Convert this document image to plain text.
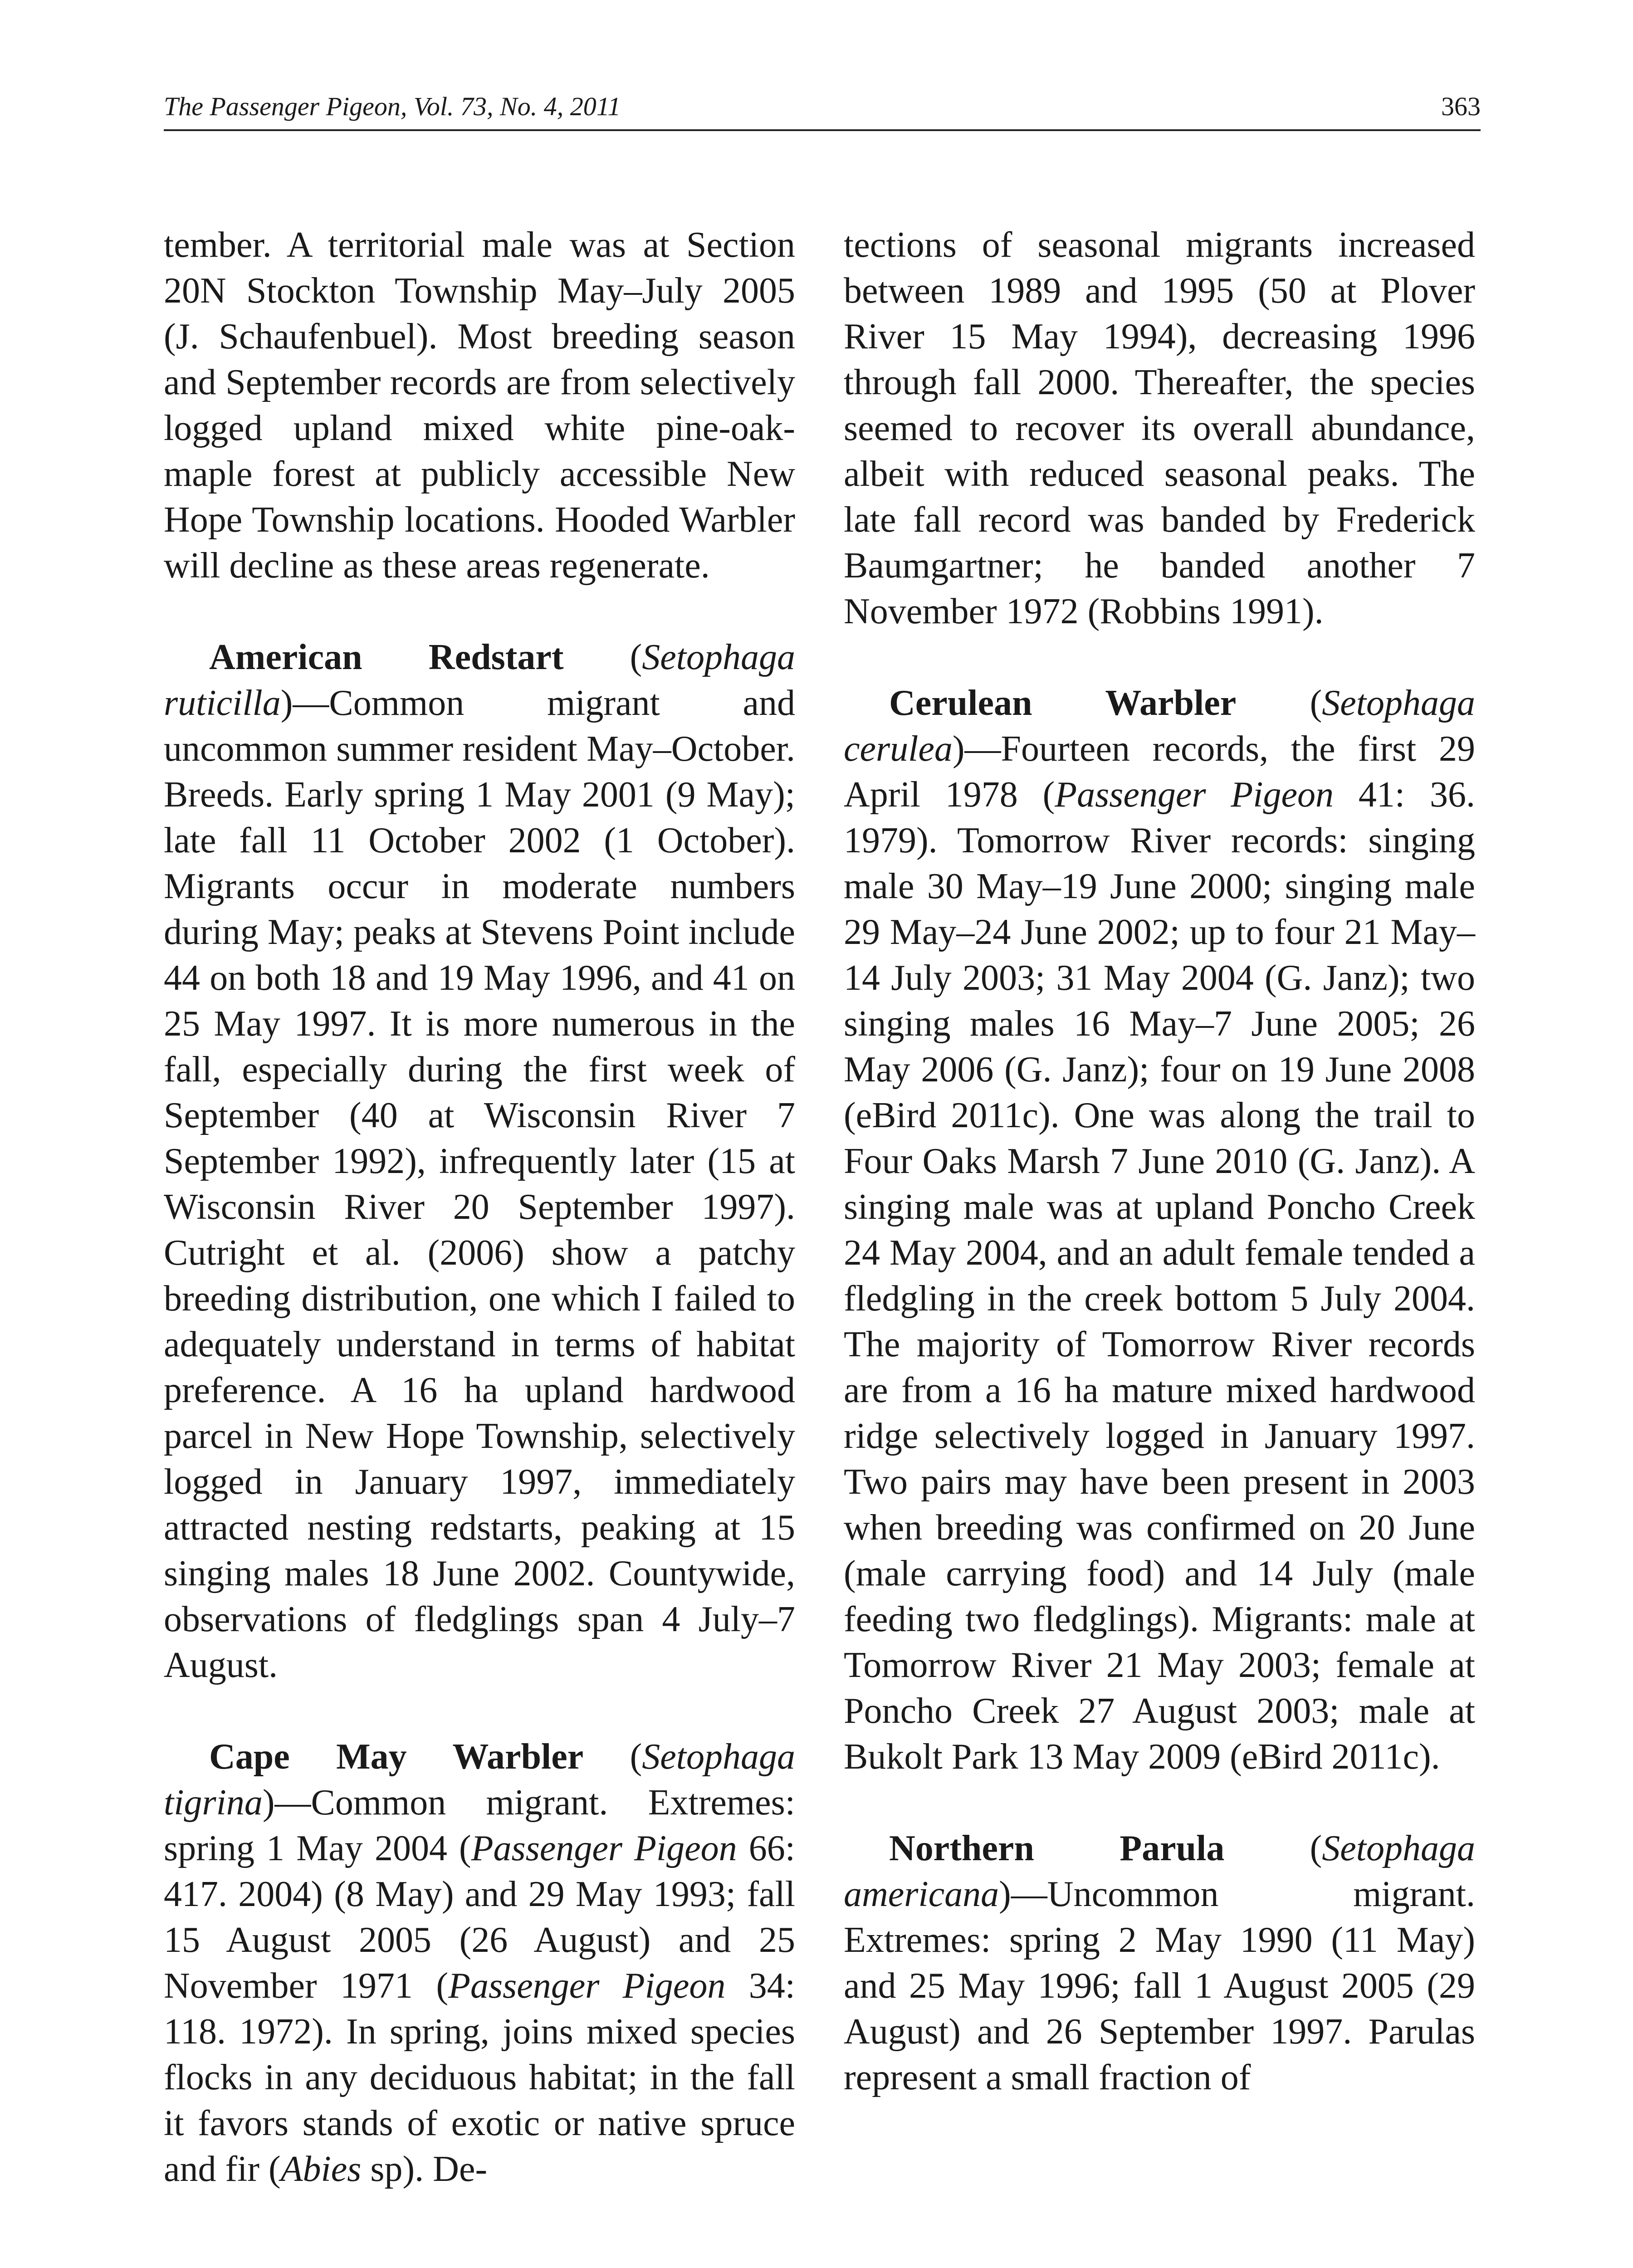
The Passenger Pigeon, Vol. 73, No. 4, 2011	363

tember. A territorial male was at Section 20N Stockton Township May–July 2005 (J. Schaufenbuel). Most breeding season and September records are from selectively logged upland mixed white pine-oak-maple forest at publicly accessible New Hope Township locations. Hooded Warbler will decline as these areas regenerate.

American Redstart (Setophaga ruticilla)—Common migrant and uncommon summer resident May–October. Breeds. Early spring 1 May 2001 (9 May); late fall 11 October 2002 (1 October). Migrants occur in moderate numbers during May; peaks at Stevens Point include 44 on both 18 and 19 May 1996, and 41 on 25 May 1997. It is more numerous in the fall, especially during the first week of September (40 at Wisconsin River 7 September 1992), infrequently later (15 at Wisconsin River 20 September 1997). Cutright et al. (2006) show a patchy breeding distribution, one which I failed to adequately understand in terms of habitat preference. A 16 ha upland hardwood parcel in New Hope Township, selectively logged in January 1997, immediately attracted nesting redstarts, peaking at 15 singing males 18 June 2002. Countywide, observations of fledglings span 4 July–7 August.

Cape May Warbler (Setophaga tigrina)—Common migrant. Extremes: spring 1 May 2004 (Passenger Pigeon 66: 417. 2004) (8 May) and 29 May 1993; fall 15 August 2005 (26 August) and 25 November 1971 (Passenger Pigeon 34: 118. 1972). In spring, joins mixed species flocks in any deciduous habitat; in the fall it favors stands of exotic or native spruce and fir (Abies sp). De-

tections of seasonal migrants increased between 1989 and 1995 (50 at Plover River 15 May 1994), decreasing 1996 through fall 2000. Thereafter, the species seemed to recover its overall abundance, albeit with reduced seasonal peaks. The late fall record was banded by Frederick Baumgartner; he banded another 7 November 1972 (Robbins 1991).

Cerulean Warbler (Setophaga cerulea)—Fourteen records, the first 29 April 1978 (Passenger Pigeon 41: 36. 1979). Tomorrow River records: singing male 30 May–19 June 2000; singing male 29 May–24 June 2002; up to four 21 May–14 July 2003; 31 May 2004 (G. Janz); two singing males 16 May–7 June 2005; 26 May 2006 (G. Janz); four on 19 June 2008 (eBird 2011c). One was along the trail to Four Oaks Marsh 7 June 2010 (G. Janz). A singing male was at upland Poncho Creek 24 May 2004, and an adult female tended a fledgling in the creek bottom 5 July 2004. The majority of Tomorrow River records are from a 16 ha mature mixed hardwood ridge selectively logged in January 1997. Two pairs may have been present in 2003 when breeding was confirmed on 20 June (male carrying food) and 14 July (male feeding two fledglings). Migrants: male at Tomorrow River 21 May 2003; female at Poncho Creek 27 August 2003; male at Bukolt Park 13 May 2009 (eBird 2011c).

Northern Parula (Setophaga americana)—Uncommon migrant. Extremes: spring 2 May 1990 (11 May) and 25 May 1996; fall 1 August 2005 (29 August) and 26 September 1997. Parulas represent a small fraction of
